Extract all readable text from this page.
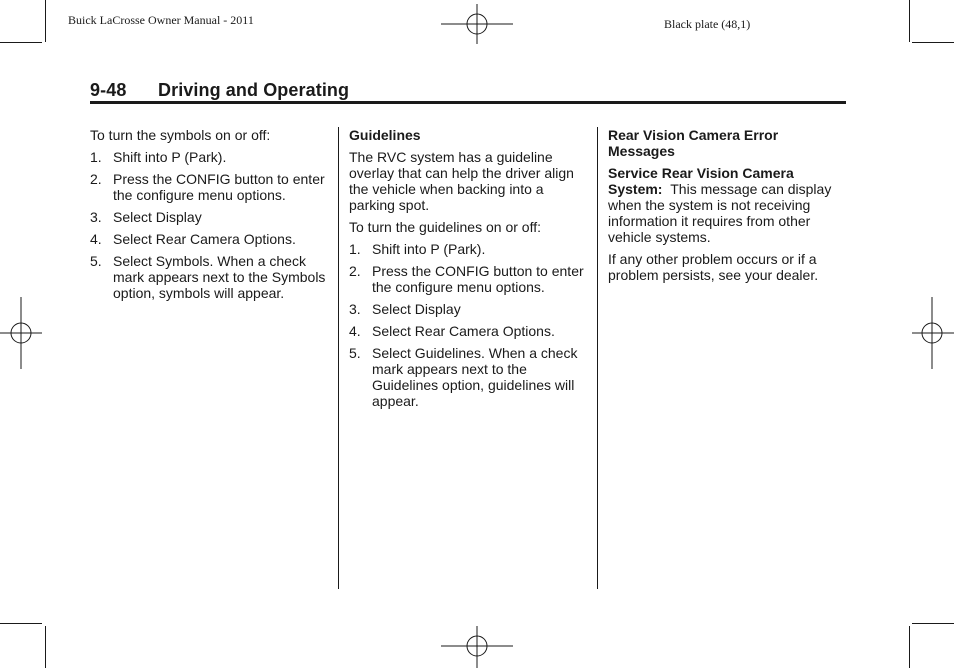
Buick LaCrosse Owner Manual - 2011	Black plate (48,1)
9-48 Driving and Operating

To turn the symbols on or off:

1. Shift into P (Park).
2. Press the CONFIG button to enter the configure menu options.
3. Select Display
4. Select Rear Camera Options.
5. Select Symbols. When a check mark appears next to the Symbols option, symbols will appear.

Guidelines

The RVC system has a guideline overlay that can help the driver align the vehicle when backing into a parking spot.

To turn the guidelines on or off:

1. Shift into P (Park).
2. Press the CONFIG button to enter the configure menu options.
3. Select Display
4. Select Rear Camera Options.
5. Select Guidelines. When a check mark appears next to the Guidelines option, guidelines will appear.

Rear Vision Camera Error Messages

Service Rear Vision Camera System: This message can display when the system is not receiving information it requires from other vehicle systems.

If any other problem occurs or if a problem persists, see your dealer.
